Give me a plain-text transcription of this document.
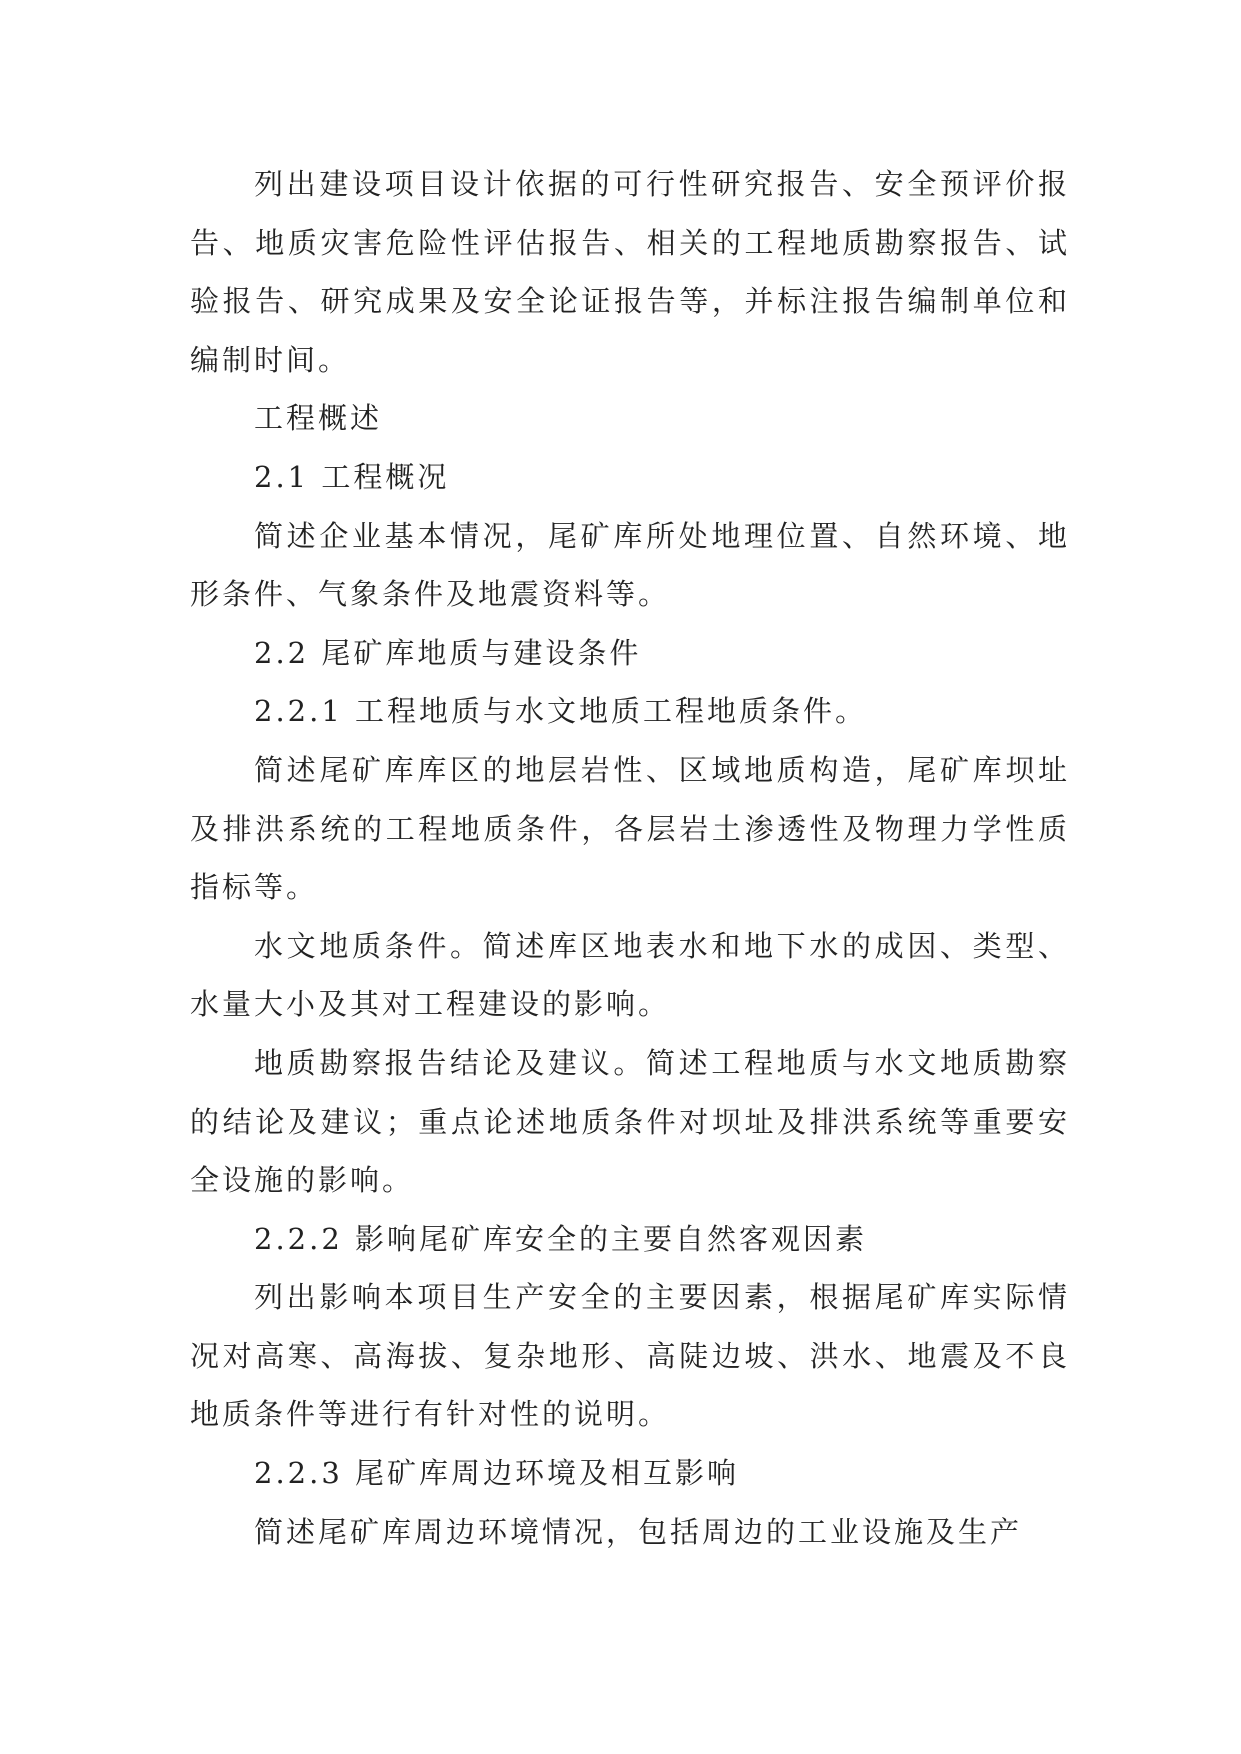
列出建设项目设计依据的可行性研究报告、安全预评价报告、地质灾害危险性评估报告、相关的工程地质勘察报告、试验报告、研究成果及安全论证报告等，并标注报告编制单位和编制时间。

工程概述

2.1 工程概况

简述企业基本情况，尾矿库所处地理位置、自然环境、地形条件、气象条件及地震资料等。

2.2 尾矿库地质与建设条件

2.2.1 工程地质与水文地质工程地质条件。

简述尾矿库库区的地层岩性、区域地质构造，尾矿库坝址及排洪系统的工程地质条件，各层岩土渗透性及物理力学性质指标等。

水文地质条件。简述库区地表水和地下水的成因、类型、水量大小及其对工程建设的影响。

地质勘察报告结论及建议。简述工程地质与水文地质勘察的结论及建议；重点论述地质条件对坝址及排洪系统等重要安全设施的影响。

2.2.2 影响尾矿库安全的主要自然客观因素

列出影响本项目生产安全的主要因素，根据尾矿库实际情况对高寒、高海拔、复杂地形、高陡边坡、洪水、地震及不良地质条件等进行有针对性的说明。

2.2.3 尾矿库周边环境及相互影响

简述尾矿库周边环境情况，包括周边的工业设施及生产
